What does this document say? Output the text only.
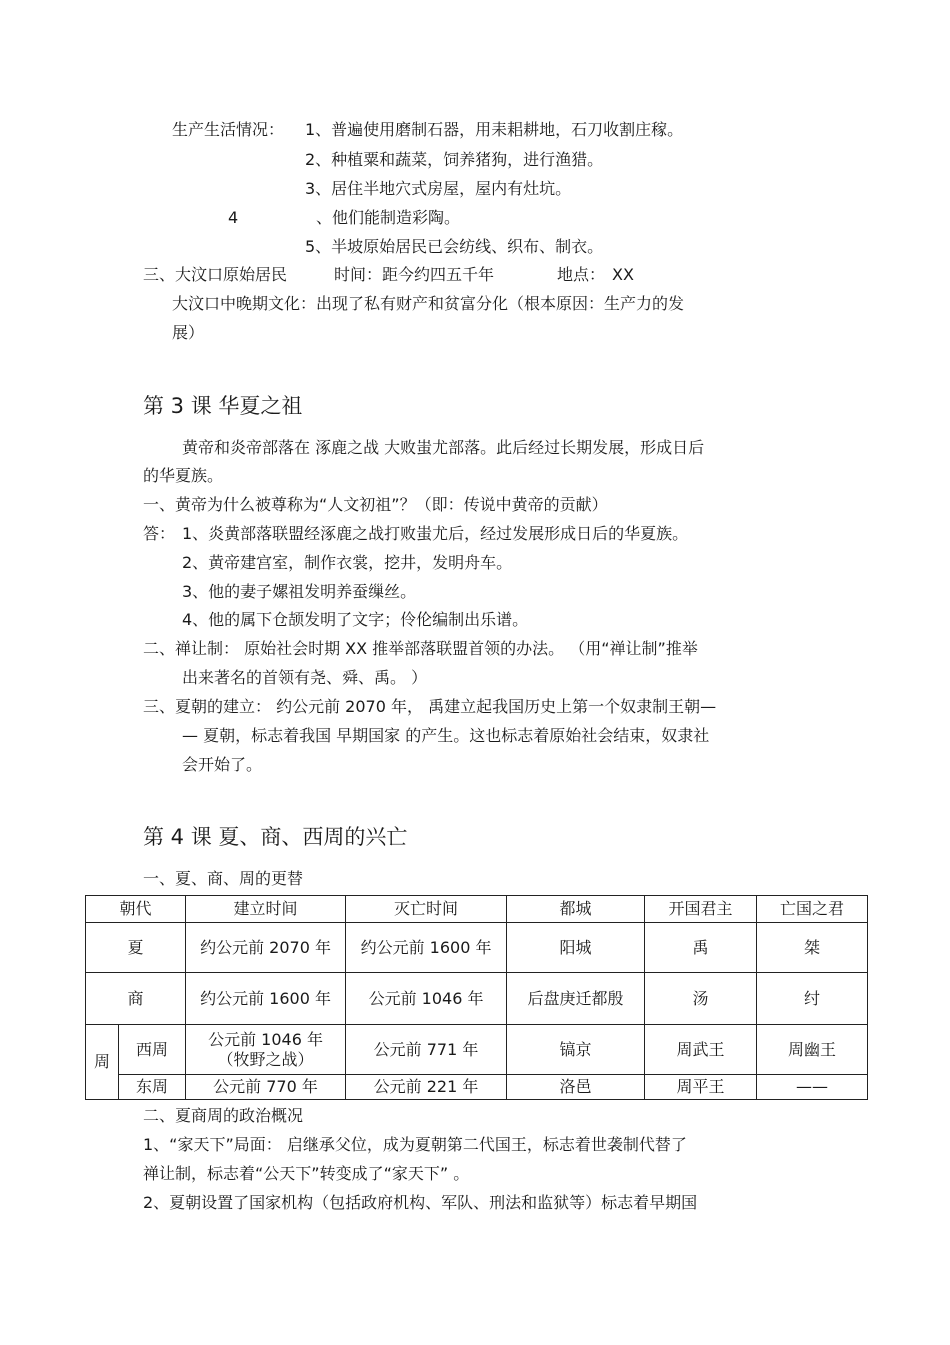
生产生活情况： 1、普遍使用磨制石器，用耒耜耕地，石刀收割庄稼。
2、种植粟和蔬菜，饲养猪狗，进行渔猎。
3、居住半地穴式房屋，屋内有灶坑。
4	、他们能制造彩陶。
5、半坡原始居民已会纺线、织布、制衣。
三、大汶口原始居民	时间：距今约四五千年	地点： XX
大汶口中晚期文化：出现了私有财产和贫富分化（根本原因：生产力的发
展）
第 3 课 华夏之祖
黄帝和炎帝部落在 涿鹿之战 大败蚩尤部落。此后经过长期发展，形成日后
的华夏族。
一、黄帝为什么被尊称为“人文初祖”？（即：传说中黄帝的贡献）
答： 1、炎黄部落联盟经涿鹿之战打败蚩尤后，经过发展形成日后的华夏族。
2、黄帝建宫室，制作衣裳，挖井，发明舟车。
3、他的妻子嫘祖发明养蚕缫丝。
4、他的属下仓颉发明了文字；伶伦编制出乐谱。
二、禅让制： 原始社会时期 XX 推举部落联盟首领的办法。 （用“禅让制”推举
出来著名的首领有尧、舜、禹。 ）
三、夏朝的建立： 约公元前 2070 年， 禹建立起我国历史上第一个奴隶制王朝—
— 夏朝，标志着我国 早期国家 的产生。这也标志着原始社会结束，奴隶社
会开始了。
第 4 课 夏、商、西周的兴亡
一、夏、商、周的更替
朝代		建立时间	灭亡时间	都城	开国君主	亡国之君
夏		约公元前 2070 年	约公元前 1600 年	阳城	禹	桀
商		约公元前 1600 年	公元前 1046 年	后盘庚迁都殷	汤	纣
周	西周	公元前 1046 年
（牧野之战）	公元前 771 年	镐京	周武王	周幽王
	东周	公元前 770 年	公元前 221 年	洛邑	周平王	——
二、夏商周的政治概况
1、“家天下”局面： 启继承父位，成为夏朝第二代国王，标志着世袭制代替了
禅让制，标志着“公天下”转变成了“家天下” 。
2、夏朝设置了国家机构（包括政府机构、军队、刑法和监狱等）标志着早期国
